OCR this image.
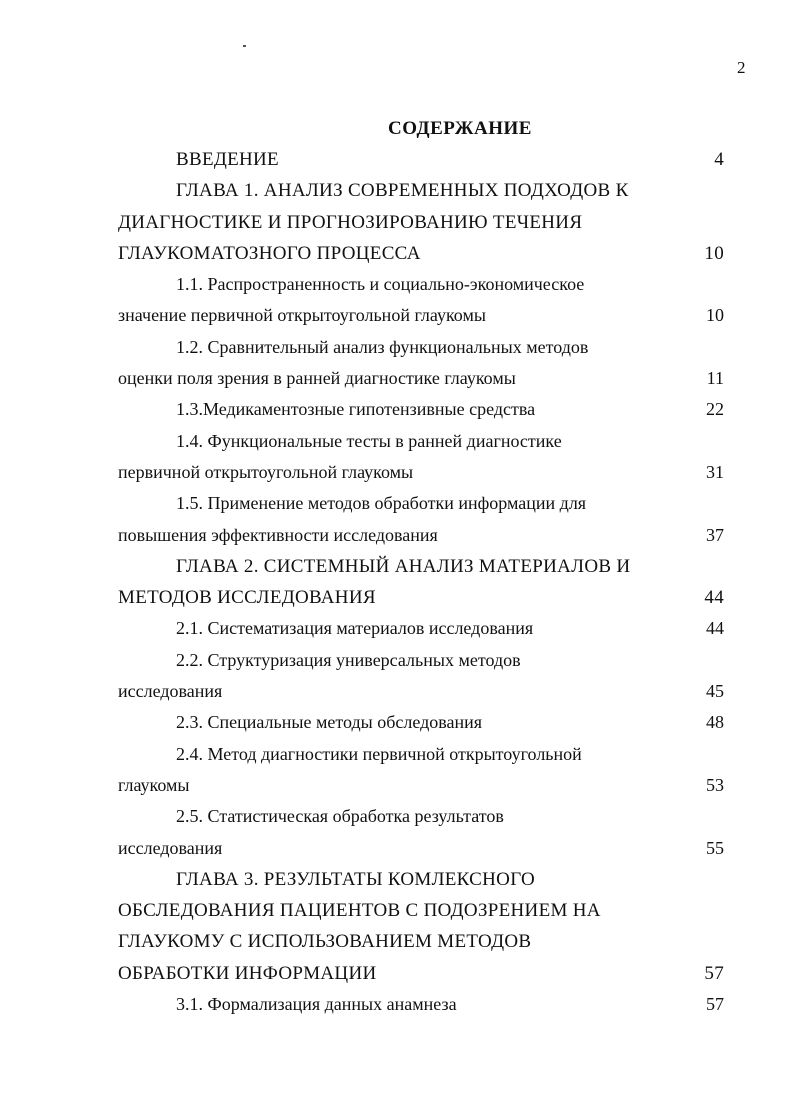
2
СОДЕРЖАНИЕ
ВВЕДЕНИЕ	4
ГЛАВА 1. АНАЛИЗ СОВРЕМЕННЫХ ПОДХОДОВ К
ДИАГНОСТИКЕ И ПРОГНОЗИРОВАНИЮ ТЕЧЕНИЯ
ГЛАУКОМАТОЗНОГО ПРОЦЕССА	10
1.1. Распространенность и социально-экономическое
значение первичной открытоугольной глаукомы	10
1.2. Сравнительный анализ функциональных методов
оценки поля зрения в ранней диагностике глаукомы	11
1.3.Медикаментозные гипотензивные средства	22
1.4. Функциональные тесты в ранней диагностике
первичной открытоугольной глаукомы	31
1.5. Применение методов обработки информации для
повышения эффективности исследования	37
ГЛАВА 2. СИСТЕМНЫЙ АНАЛИЗ МАТЕРИАЛОВ И
МЕТОДОВ ИССЛЕДОВАНИЯ	44
2.1. Систематизация материалов исследования	44
2.2. Структуризация универсальных методов
исследования	45
2.3. Специальные методы обследования	48
2.4. Метод диагностики первичной открытоугольной
глаукомы	53
2.5. Статистическая обработка результатов
исследования	55
ГЛАВА 3. РЕЗУЛЬТАТЫ КОМЛЕКСНОГО
ОБСЛЕДОВАНИЯ ПАЦИЕНТОВ С ПОДОЗРЕНИЕМ НА
ГЛАУКОМУ С ИСПОЛЬЗОВАНИЕМ МЕТОДОВ
ОБРАБОТКИ ИНФОРМАЦИИ	57
3.1. Формализация данных анамнеза	57
